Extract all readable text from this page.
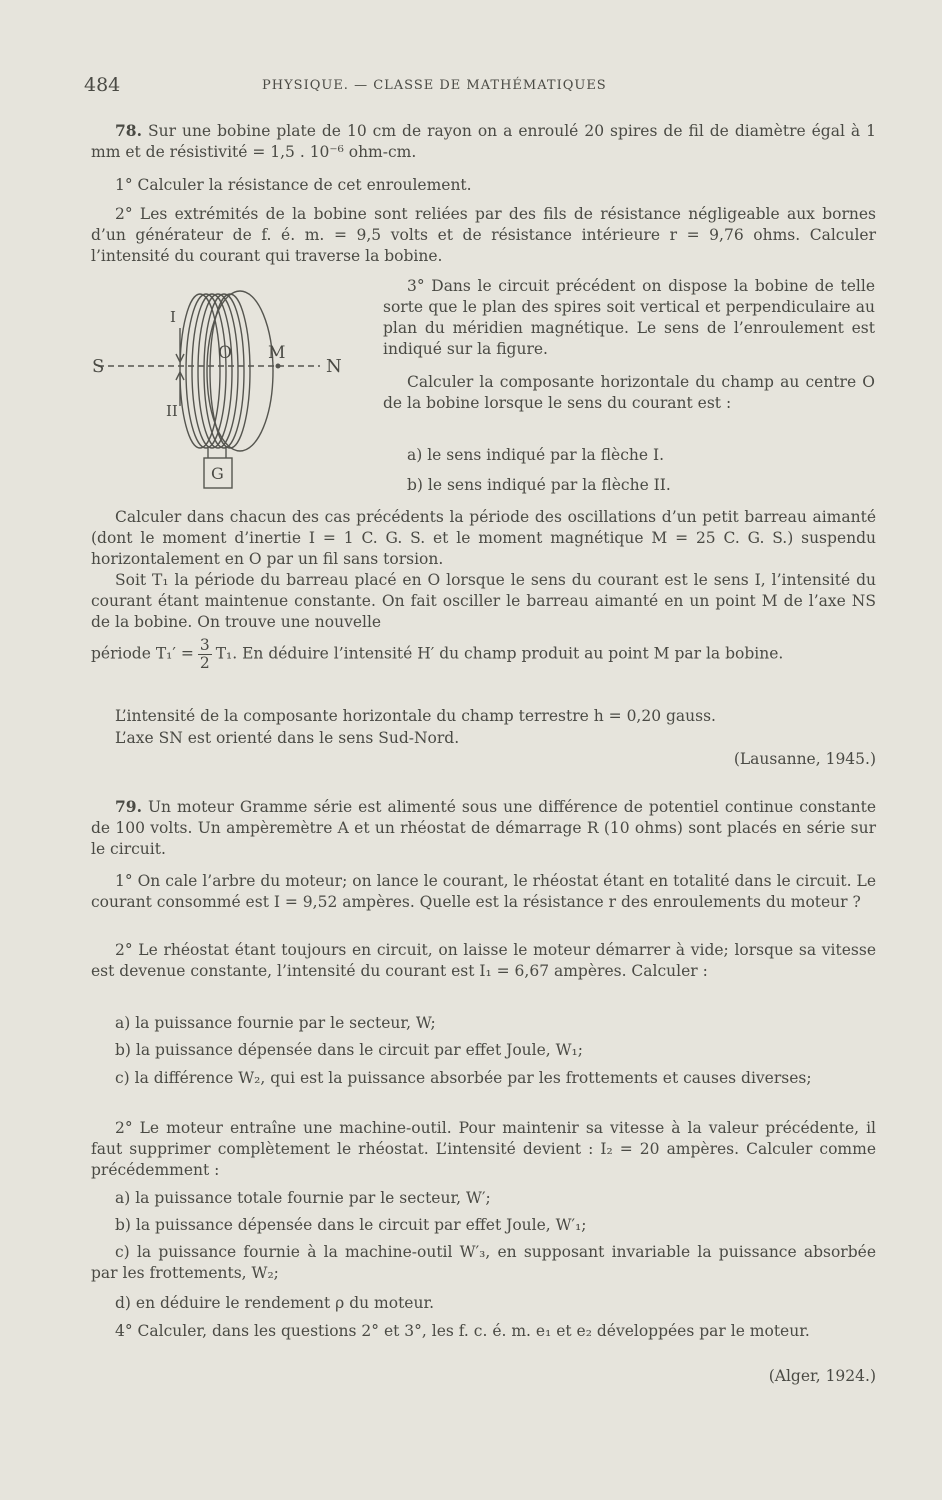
484	PHYSIQUE. — CLASSE DE MATHÉMATIQUES

78. Sur une bobine plate de 10 cm de rayon on a enroulé 20 spires de fil de diamètre égal à 1 mm et de résistivité = 1,5 . 10⁻⁶ ohm-cm.

1° Calculer la résistance de cet enroulement.

2° Les extrémités de la bobine sont reliées par des fils de résistance négligeable aux bornes d’un générateur de f. é. m. = 9,5 volts et de résistance intérieure r = 9,76 ohms. Calculer l’intensité du courant qui traverse la bobine.

S	N
O M
I
II
G

3° Dans le circuit précédent on dispose la bobine de telle sorte que le plan des spires soit vertical et perpendiculaire au plan du méridien magnétique. Le sens de l’enroulement est indiqué sur la figure.

Calculer la composante horizontale du champ au centre O de la bobine lorsque le sens du courant est :

a) le sens indiqué par la flèche I.

b) le sens indiqué par la flèche II.

Calculer dans chacun des cas précédents la période des oscillations d’un petit barreau aimanté (dont le moment d’inertie I = 1 C. G. S. et le moment magnétique M = 25 C. G. S.) suspendu horizontalement en O par un fil sans torsion.

Soit T₁ la période du barreau placé en O lorsque le sens du courant est le sens I, l’intensité du courant étant maintenue constante. On fait osciller le barreau aimanté en un point M de l’axe NS de la bobine. On trouve une nouvelle

période $T_1' = \frac{3}{2} T_1$. En déduire l’intensité H′ du champ produit au point M par la bobine.

L’intensité de la composante horizontale du champ terrestre h = 0,20 gauss.

L’axe SN est orienté dans le sens Sud-Nord.

(Lausanne, 1945.)

79. Un moteur Gramme série est alimenté sous une différence de potentiel continue constante de 100 volts. Un ampèremètre A et un rhéostat de démarrage R (10 ohms) sont placés en série sur le circuit.

1° On cale l’arbre du moteur; on lance le courant, le rhéostat étant en totalité dans le circuit. Le courant consommé est I = 9,52 ampères. Quelle est la résistance r des enroulements du moteur ?

2° Le rhéostat étant toujours en circuit, on laisse le moteur démarrer à vide; lorsque sa vitesse est devenue constante, l’intensité du courant est I₁ = 6,67 ampères. Calculer :

a) la puissance fournie par le secteur, W;

b) la puissance dépensée dans le circuit par effet Joule, W₁;

c) la différence W₂, qui est la puissance absorbée par les frottements et causes diverses;

2° Le moteur entraîne une machine-outil. Pour maintenir sa vitesse à la valeur précédente, il faut supprimer complètement le rhéostat. L’intensité devient : I₂ = 20 ampères. Calculer comme précédemment :

a) la puissance totale fournie par le secteur, W′;

b) la puissance dépensée dans le circuit par effet Joule, W′₁;

c) la puissance fournie à la machine-outil W′₃, en supposant invariable la puissance absorbée par les frottements, W₂;

d) en déduire le rendement ρ du moteur.

4° Calculer, dans les questions 2° et 3°, les f. c. é. m. e₁ et e₂ développées par le moteur.

(Alger, 1924.)
